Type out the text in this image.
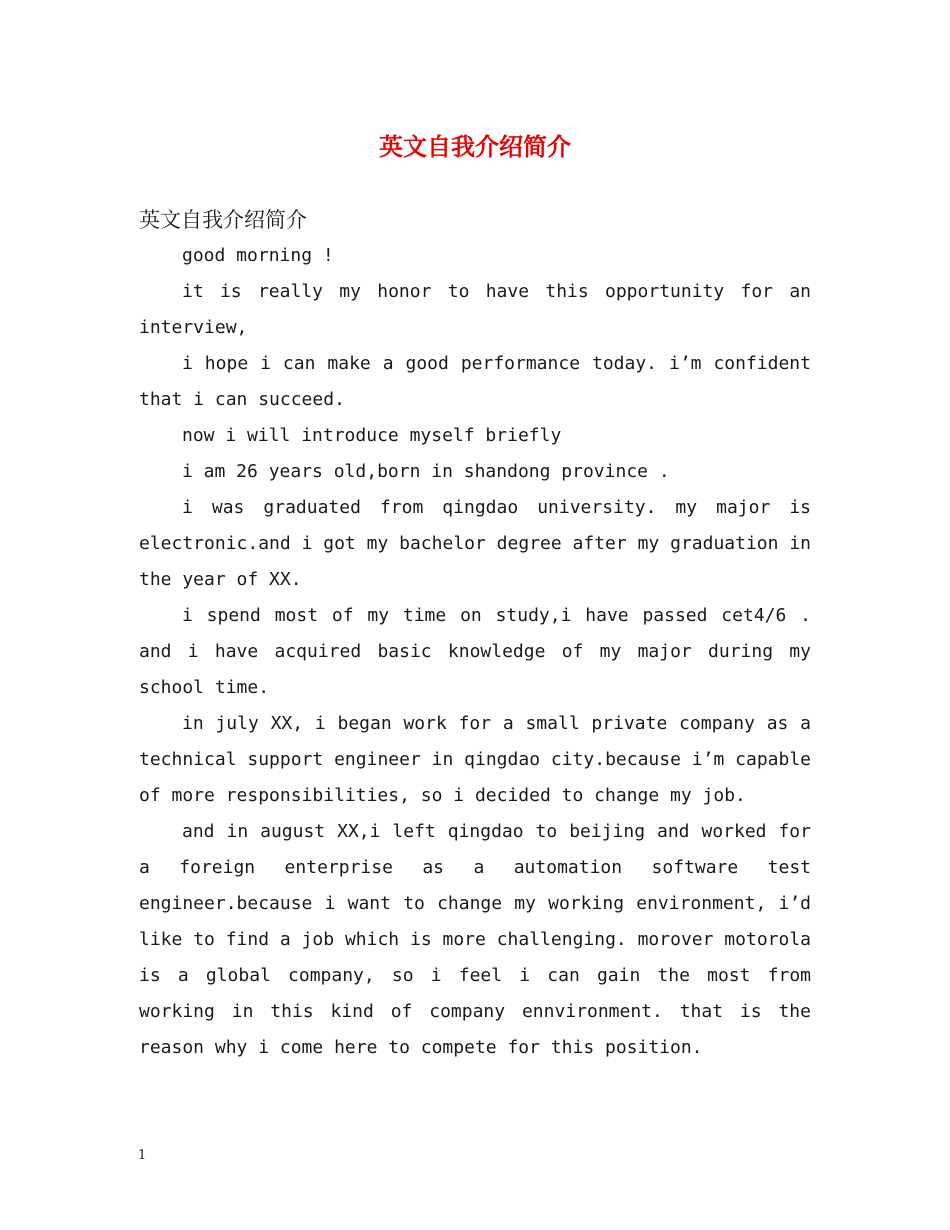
英文自我介绍简介

英文自我介绍简介

good morning !

it is really my honor to have this opportunity for an interview,

i hope i can make a good performance today. i’m confident that i can succeed.

now i will introduce myself briefly

i am 26 years old,born in shandong province .

i was graduated from qingdao university. my major is electronic.and i got my bachelor degree after my graduation in the year of XX.

i spend most of my time on study,i have passed cet4/6 . and i have acquired basic knowledge of my major during my school time.

in july XX, i began work for a small private company as a technical support engineer in qingdao city.because i’m capable of more responsibilities, so i decided to change my job.

and in august XX,i left qingdao to beijing and worked for a foreign enterprise as a automation software test engineer.because i want to change my working environment, i’d like to find a job which is more challenging. morover motorola is a global company, so i feel i can gain the most from working in this kind of company ennvironment. that is the reason why i come here to compete for this position.

1
